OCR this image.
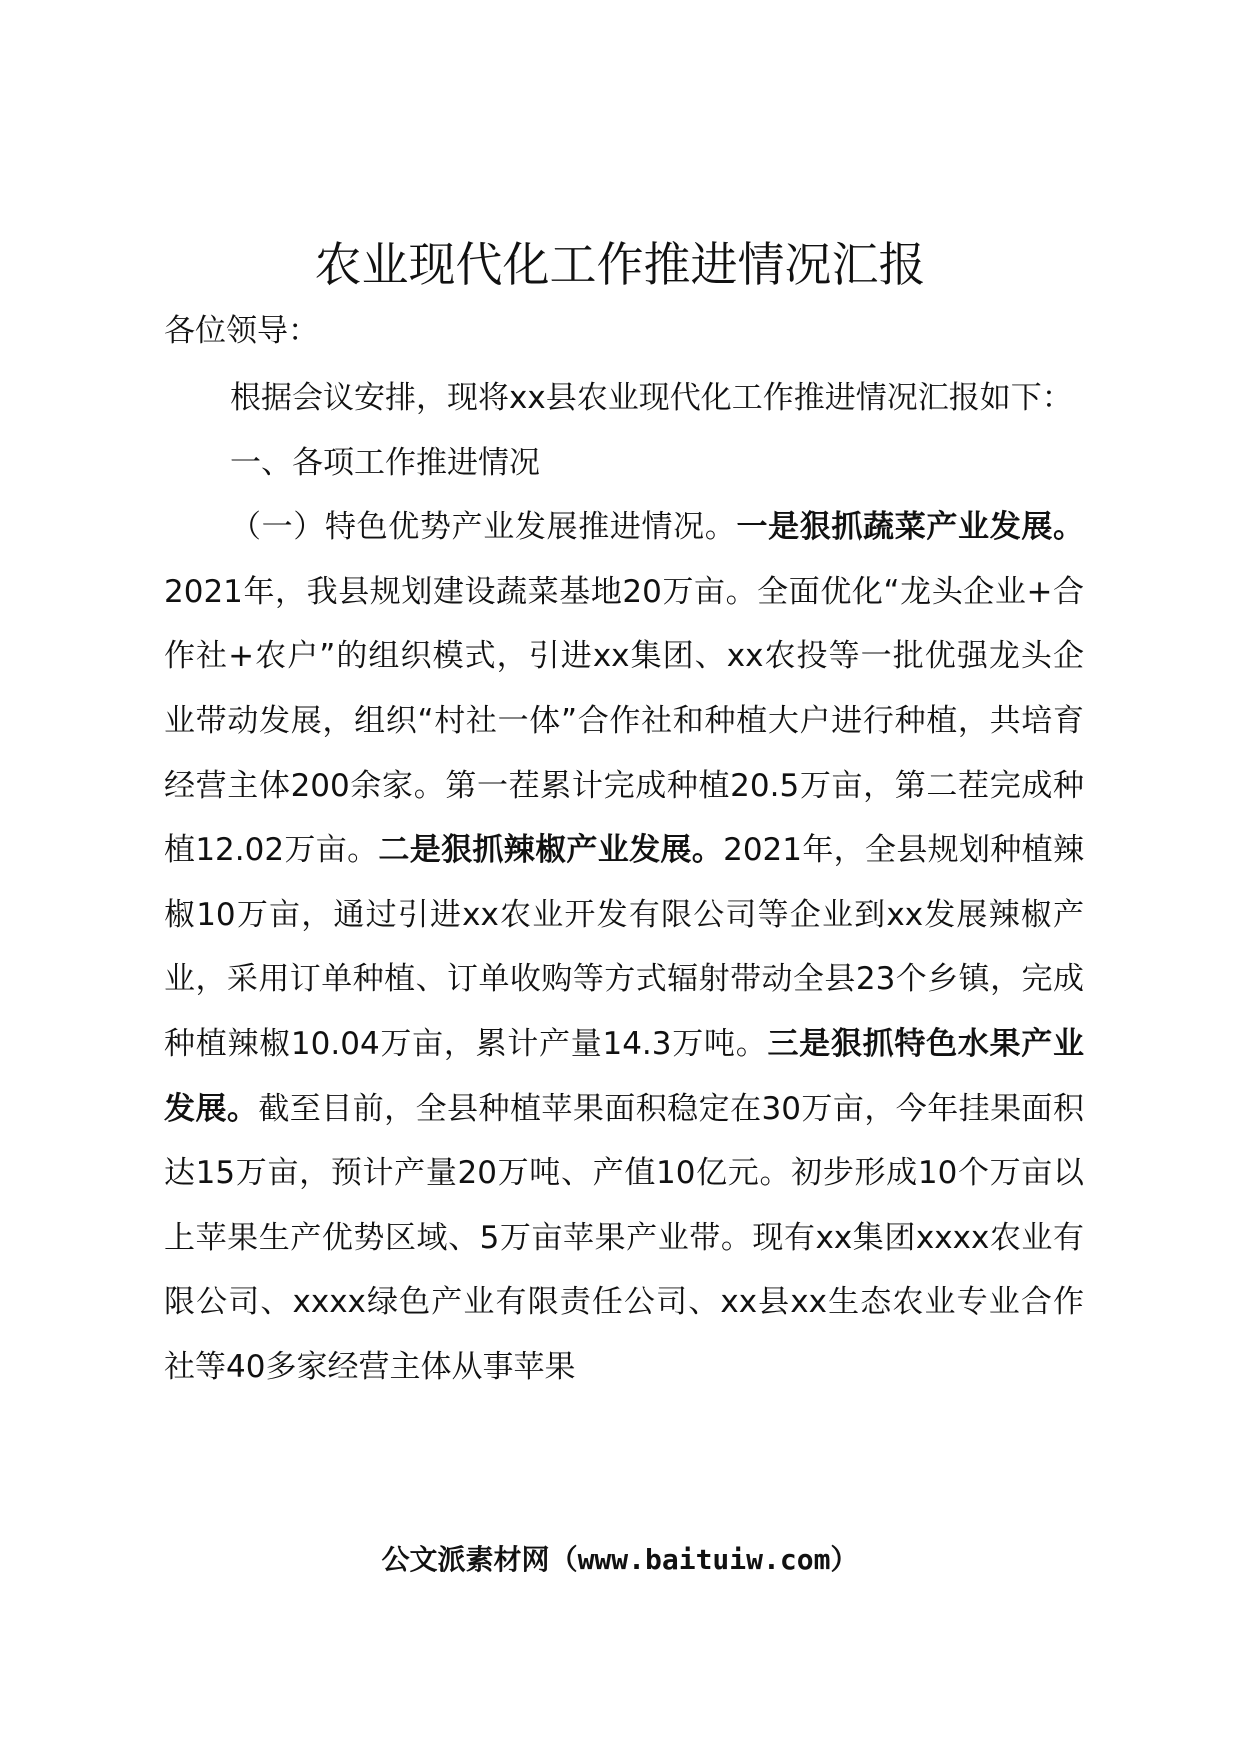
农业现代化工作推进情况汇报
各位领导：

根据会议安排，现将xx县农业现代化工作推进情况汇报如下：

一、各项工作推进情况

（一）特色优势产业发展推进情况。一是狠抓蔬菜产业发展。2021年，我县规划建设蔬菜基地20万亩。全面优化“龙头企业+合作社+农户”的组织模式，引进xx集团、xx农投等一批优强龙头企业带动发展，组织“村社一体”合作社和种植大户进行种植，共培育经营主体200余家。第一茬累计完成种植20.5万亩，第二茬完成种植12.02万亩。二是狠抓辣椒产业发展。2021年，全县规划种植辣椒10万亩，通过引进xx农业开发有限公司等企业到xx发展辣椒产业，采用订单种植、订单收购等方式辐射带动全县23个乡镇，完成种植辣椒10.04万亩，累计产量14.3万吨。三是狠抓特色水果产业发展。截至目前，全县种植苹果面积稳定在30万亩，今年挂果面积达15万亩，预计产量20万吨、产值10亿元。初步形成10个万亩以上苹果生产优势区域、5万亩苹果产业带。现有xx集团xxxx农业有限公司、xxxx绿色产业有限责任公司、xx县xx生态农业专业合作社等40多家经营主体从事苹果

公文派素材网（www.baituiw.com）
